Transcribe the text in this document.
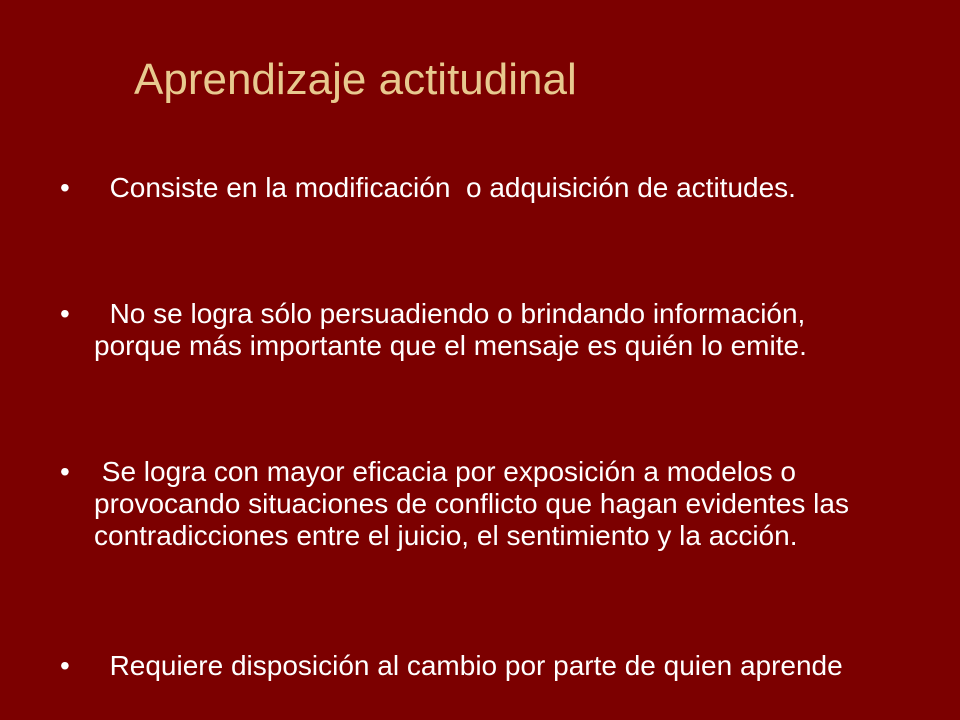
Aprendizaje actitudinal
• Consiste en la modificación  o adquisición de actitudes.
• No se logra sólo persuadiendo o brindando información, porque más importante que el mensaje es quién lo emite.
• Se logra con mayor eficacia por exposición a modelos o provocando situaciones de conflicto que hagan evidentes las contradicciones entre el juicio, el sentimiento y la acción.
• Requiere disposición al cambio por parte de quien aprende
